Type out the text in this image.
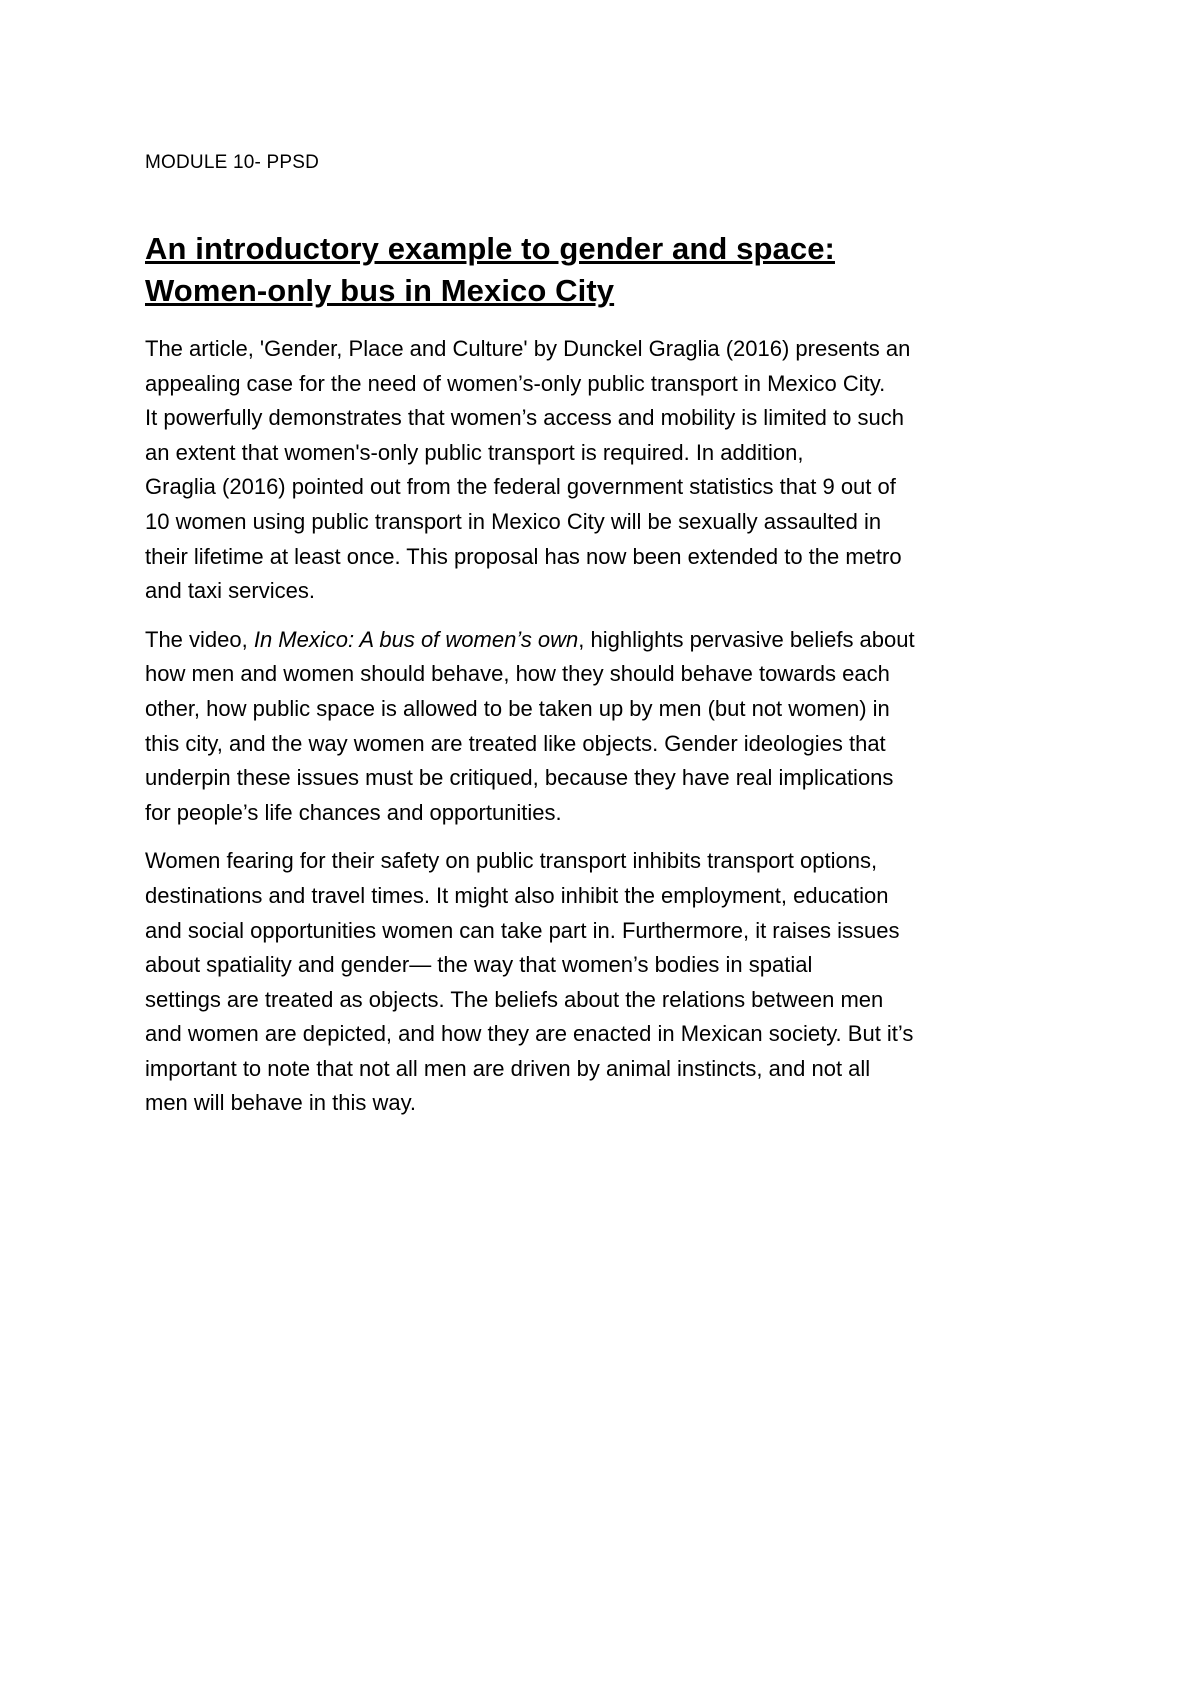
MODULE 10- PPSD
An introductory example to gender and space:
Women-only bus in Mexico City

The article, 'Gender, Place and Culture' by Dunckel Graglia (2016) presents an
appealing case for the need of women’s-only public transport in Mexico City.
It powerfully demonstrates that women’s access and mobility is limited to such
an extent that women's-only public transport is required. In addition,
Graglia (2016) pointed out from the federal government statistics that 9 out of
10 women using public transport in Mexico City will be sexually assaulted in
their lifetime at least once. This proposal has now been extended to the metro
and taxi services.

The video, In Mexico: A bus of women’s own, highlights pervasive beliefs about
how men and women should behave, how they should behave towards each
other, how public space is allowed to be taken up by men (but not women) in
this city, and the way women are treated like objects. Gender ideologies that
underpin these issues must be critiqued, because they have real implications
for people’s life chances and opportunities.

Women fearing for their safety on public transport inhibits transport options,
destinations and travel times. It might also inhibit the employment, education
and social opportunities women can take part in. Furthermore, it raises issues
about spatiality and gender— the way that women’s bodies in spatial
settings are treated as objects. The beliefs about the relations between men
and women are depicted, and how they are enacted in Mexican society. But it’s
important to note that not all men are driven by animal instincts, and not all
men will behave in this way.
